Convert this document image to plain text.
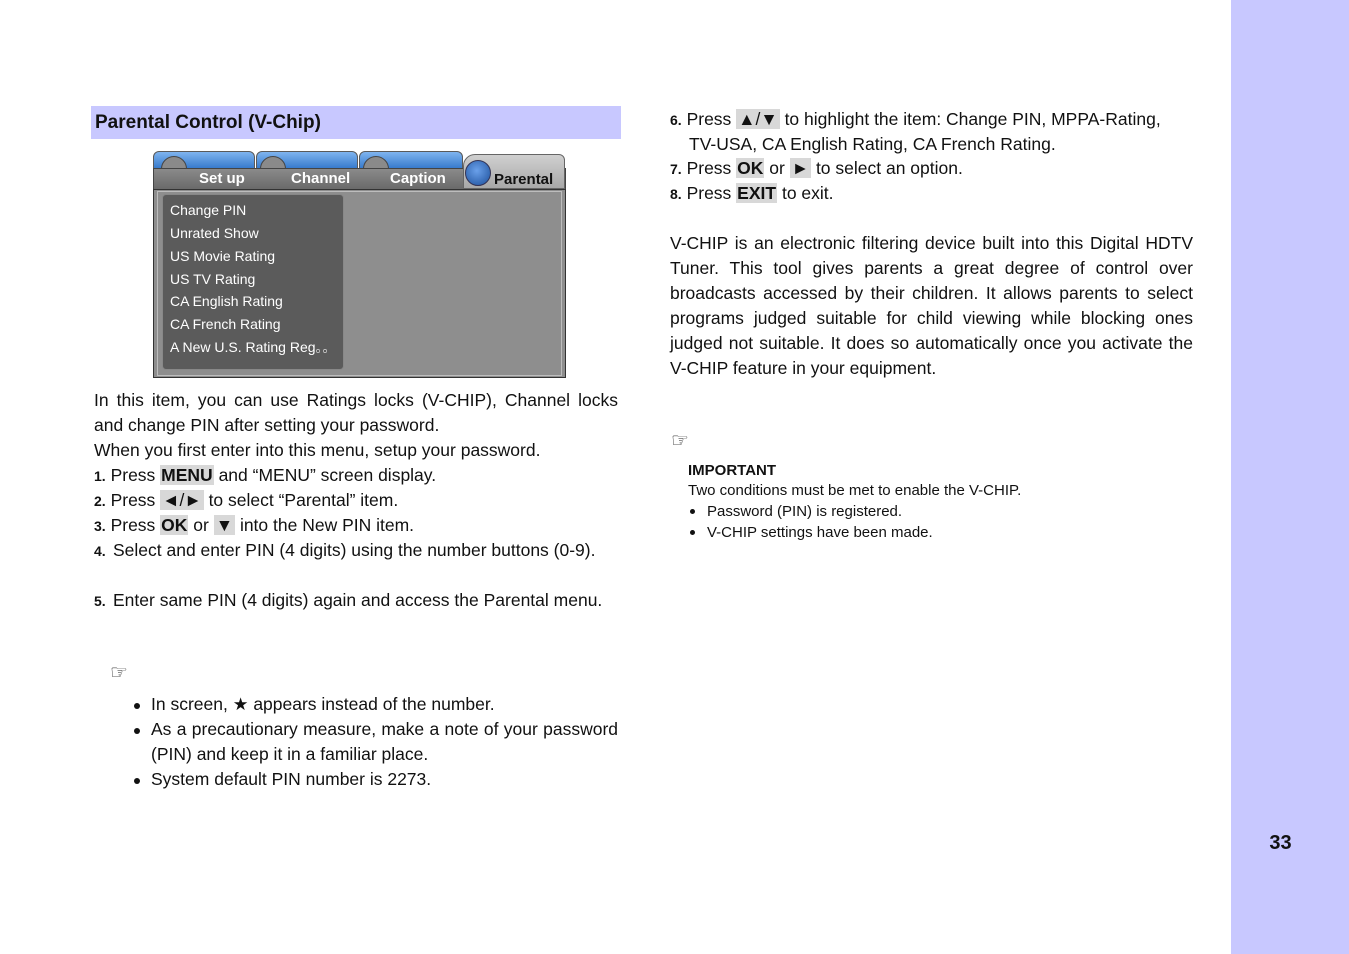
33
Parental Control (V-Chip)
Set up	Channel	Caption	Parental
Change PIN
Unrated Show
US Movie Rating
US TV Rating
CA English Rating
CA French Rating
A New U.S. Rating Reg。。
In this item, you can use Ratings locks (V-CHIP), Channel locks and change PIN after setting your password.
When you first enter into this menu, setup your password.
1. Press MENU and “MENU” screen display.
2. Press ◄/► to select “Parental” item.
3. Press OK or ▼ into the New PIN item.
4. Select and enter PIN (4 digits) using the number buttons (0-9).
5. Enter same PIN (4 digits) again and access the Parental menu.
☞
In screen, ★ appears instead of the number.
As a precautionary measure, make a note of your password (PIN) and keep it in a familiar place.
System default PIN number is 2273.
6. Press ▲/▼ to highlight the item: Change PIN, MPPA-Rating,
TV-USA, CA English Rating, CA French Rating.
7. Press OK or ► to select an option.
8. Press EXIT to exit.
V-CHIP is an electronic filtering device built into this Digital HDTV Tuner. This tool gives parents a great degree of control over broadcasts accessed by their children. It allows parents to select programs judged suitable for child viewing while blocking ones judged not suitable. It does so automatically once you activate the V-CHIP feature in your equipment.
☞
IMPORTANT
Two conditions must be met to enable the V-CHIP.
Password (PIN) is registered.
V-CHIP settings have been made.
